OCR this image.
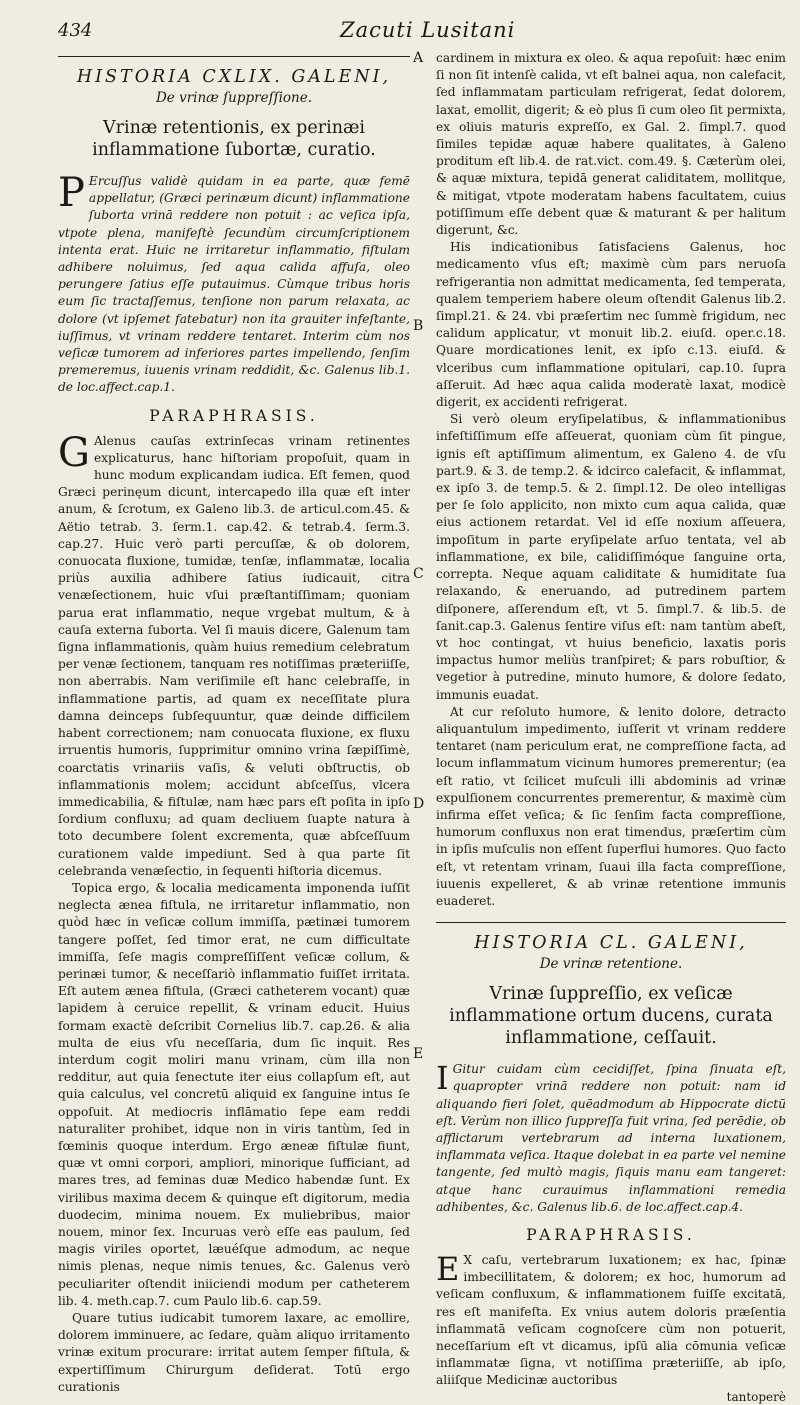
434	Zacuti Lusitani
A
B
C
D
E
HISTORIA CXLIX. GALENI,
De vrinæ ſuppreſſione.
Vrinæ retentionis, ex perinæi inflammatione ſubortæ, curatio.

P Ercuſſus validè quidam in ea parte, quæ femē appellatur, (Græci perinæum dicunt) inflammatione ſuborta vrinā reddere non potuit : ac veſica ipſa, vtpote plena, manifeſtè ſecundùm circumſcriptionem intenta erat. Huic ne irritaretur inflammatio, fiſtulam adhibere noluimus, ſed aqua calida affuſa, oleo perungere ſatius eſſe putauimus. Cùmque tribus horis eum ſic tractaſſemus, tenſione non parum relaxata, ac dolore (vt ipſemet fatebatur) non ita grauiter infeſtante, iuſſimus, vt vrinam reddere tentaret. Interim cùm nos veſicæ tumorem ad inferiores partes impellendo, ſenſim premeremus, iuuenis vrinam reddidit, &c. Galenus lib.1. de loc.affect.cap.1.

PARAPHRASIS.

G Alenus cauſas extrinſecas vrinam retinentes explicaturus, hanc hiſtoriam propoſuit, quam in hunc modum explicandam iudica. Eſt femen, quod Græci perinęum dicunt, intercapedo illa quæ eſt inter anum, & ſcrotum, ex Galeno lib.3. de articul.com.45. & Aëtio tetrab. 3. ſerm.1. cap.42. & tetrab.4. ſerm.3. cap.27. Huic verò parti percuſſæ, & ob dolorem, conuocata fluxione, tumidæ, tenſæ, inflammatæ, localia priùs auxilia adhibere ſatius iudicauit, citra venæſectionem, huic vſui præſtantiſſimam; quoniam parua erat inflammatio, neque vrgebat multum, & à cauſa externa ſuborta. Vel ſi mauis dicere, Galenum tam ſigna inflammationis, quàm huius remedium celebratum per venæ ſectionem, tanquam res notiſſimas præteriiſſe, non aberrabis. Nam veriſimile eſt hanc celebraſſe, in inflammatione partis, ad quam ex neceſſitate plura damna deinceps ſubſequuntur, quæ deinde difficilem habent correctionem; nam conuocata fluxione, ex fluxu irruentis humoris, ſupprimitur omnino vrina ſæpiſſimè, coarctatis vrinariis vaſis, & veluti obſtructis, ob inflammationis molem; accidunt abſceſſus, vlcera immedicabilia, & fiſtulæ, nam hæc pars eſt poſita in ipſo ſordium confluxu; ad quam decliuem ſuapte natura à toto decumbere ſolent excrementa, quæ abſceſſuum curationem valde impediunt. Sed à qua parte ſit celebranda venæſectio, in ſequenti hiſtoria dicemus.

Topica ergo, & localia medicamenta imponenda iuſſit neglecta ænea fiſtula, ne irritaretur inflammatio, non quòd hæc in veſicæ collum immiſſa, pætinæi tumorem tangere poſſet, ſed timor erat, ne cum difficultate immiſſa, ſeſe magis compreſſiſſent veſicæ collum, & perinæi tumor, & neceſſariò inflammatio fuiſſet irritata. Eſt autem ænea fiſtula, (Græci catheterem vocant) quæ lapidem à ceruice repellit, & vrinam educit. Huius formam exactè deſcribit Cornelius lib.7. cap.26. & alia multa de eius vſu neceſſaria, dum ſic inquit. Res interdum cogit moliri manu vrinam, cùm illa non redditur, aut quia ſenectute iter eius collapſum eſt, aut quia calculus, vel concretū aliquid ex ſanguine intus ſe oppoſuit. At mediocris inflāmatio ſepe eam reddi naturaliter prohibet, idque non in viris tantùm, ſed in fœminis quoque interdum. Ergo æneæ fiſtulæ fiunt, quæ vt omni corpori, ampliori, minorique ſufficiant, ad mares tres, ad feminas duæ Medico habendæ ſunt. Ex virilibus maxima decem & quinque eſt digitorum, media duodecim, minima nouem. Ex muliebribus, maior nouem, minor ſex. Incuruas verò eſſe eas paulum, ſed magis viriles oportet, læuéſque admodum, ac neque nimis plenas, neque nimis tenues, &c. Galenus verò peculiariter oſtendit iniiciendi modum per catheterem lib. 4. meth.cap.7. cum Paulo lib.6. cap.59.

Quare tutius iudicabit tumorem laxare, ac emollire, dolorem imminuere, ac ſedare, quàm aliquo irritamento vrinæ exitum procurare: irritat autem ſemper fiſtula, & expertiſſimum Chirurgum deſiderat. Totū ergo curationis

cardinem in mixtura ex oleo. & aqua repoſuit: hæc enim ſi non ſit intenſè calida, vt eſt balnei aqua, non calefacit, ſed inflammatam particulam refrigerat, ſedat dolorem, laxat, emollit, digerit; & eò plus ſi cum oleo ſit permixta, ex oliuis maturis expreſſo, ex Gal. 2. ſimpl.7. quod ſimiles tepidæ aquæ habere qualitates, à Galeno proditum eſt lib.4. de rat.vict. com.49. §. Cæterùm olei, & aquæ mixtura, tepidā generat caliditatem, mollitque, & mitigat, vtpote moderatam habens facultatem, cuius potiſſimum eſſe debent quæ & maturant & per halitum digerunt, &c.

His indicationibus ſatisfaciens Galenus, hoc medicamento vſus eſt; maximè cùm pars neruoſa refrigerantia non admittat medicamenta, ſed temperata, qualem temperiem habere oleum oſtendit Galenus lib.2. ſimpl.21. & 24. vbi præſertim nec ſummè frigidum, nec calidum applicatur, vt monuit lib.2. eiuſd. oper.c.18. Quare mordicationes lenit, ex ipſo c.13. eiuſd. & vlceribus cum inflammatione opitulari, cap.10. ſupra aſſeruit. Ad hæc aqua calida moderatè laxat, modicè digerit, ex accidenti refrigerat.

Si verò oleum eryſipelatibus, & inflammationibus infeſtiſſimum eſſe aſſeuerat, quoniam cùm ſit pingue, ignis eſt aptiſſimum alimentum, ex Galeno 4. de vſu part.9. & 3. de temp.2. & idcirco calefacit, & inflammat, ex ipſo 3. de temp.5. & 2. ſimpl.12. De oleo intelligas per ſe ſolo applicito, non mixto cum aqua calida, quæ eius actionem retardat. Vel id eſſe noxium aſſeuera, impoſitum in parte eryſipelate arſuo tentata, vel ab inflammatione, ex bile, calidiſſimóque ſanguine orta, correpta. Neque aquam caliditate & humiditate ſua relaxando, & eneruando, ad putredinem partem diſponere, aſſerendum eſt, vt 5. ſimpl.7. & lib.5. de ſanit.cap.3. Galenus ſentire viſus eſt: nam tantùm abeſt, vt hoc contingat, vt huius beneficio, laxatis poris impactus humor meliùs tranſpiret; & pars robuſtior, & vegetior à putredine, minuto humore, & dolore ſedato, immunis euadat.

At cur reſoluto humore, & lenito dolore, detracto aliquantulum impedimento, iuſſerit vt vrinam reddere tentaret (nam periculum erat, ne compreſſione facta, ad locum inflammatum vicinum humores premerentur; (ea eſt ratio, vt ſcilicet muſculi illi abdominis ad vrinæ expulſionem concurrentes premerentur, & maximè cùm infirma eſſet veſica; & ſic ſenſim facta compreſſione, humorum confluxus non erat timendus, præſertim cùm in ipſis muſculis non eſſent ſuperflui humores. Quo facto eſt, vt retentam vrinam, ſuaui illa facta compreſſione, iuuenis expelleret, & ab vrinæ retentione immunis euaderet.

HISTORIA CL. GALENI,
De vrinæ retentione.
Vrinæ ſuppreſſio, ex veſicæ inflammatione ortum ducens, curata inflammatione, ceſſauit.

I Gitur cuidam cùm cecidiſſet, ſpina ſinuata eſt, quapropter vrinā reddere non potuit: nam id aliquando fieri ſolet, quēadmodum ab Hippocrate dictū eſt. Verùm non illico ſuppreſſa fuit vrina, ſed perēdie, ob afflictarum vertebrarum ad interna luxationem, inflammata veſica. Itaque dolebat in ea parte vel nemine tangente, ſed multò magis, ſiquis manu eam tangeret: atque hanc curauimus inflammationi remedia adhibentes, &c. Galenus lib.6. de loc.affect.cap.4.

PARAPHRASIS.

E X caſu, vertebrarum luxationem; ex hac, ſpinæ imbecillitatem, & dolorem; ex hoc, humorum ad veſicam confluxum, & inflammationem fuiſſe excitatā, res eſt manifeſta. Ex vnius autem doloris præſentia inflammatā veſicam cognoſcere cùm non potuerit, neceſſarium eſt vt dicamus, ipſū alia cōmunia veſicæ inflammatæ ſigna, vt notiſſima præteriiſſe, ab ipſo, aliiſque Medicinæ auctoribus

tantoperè
